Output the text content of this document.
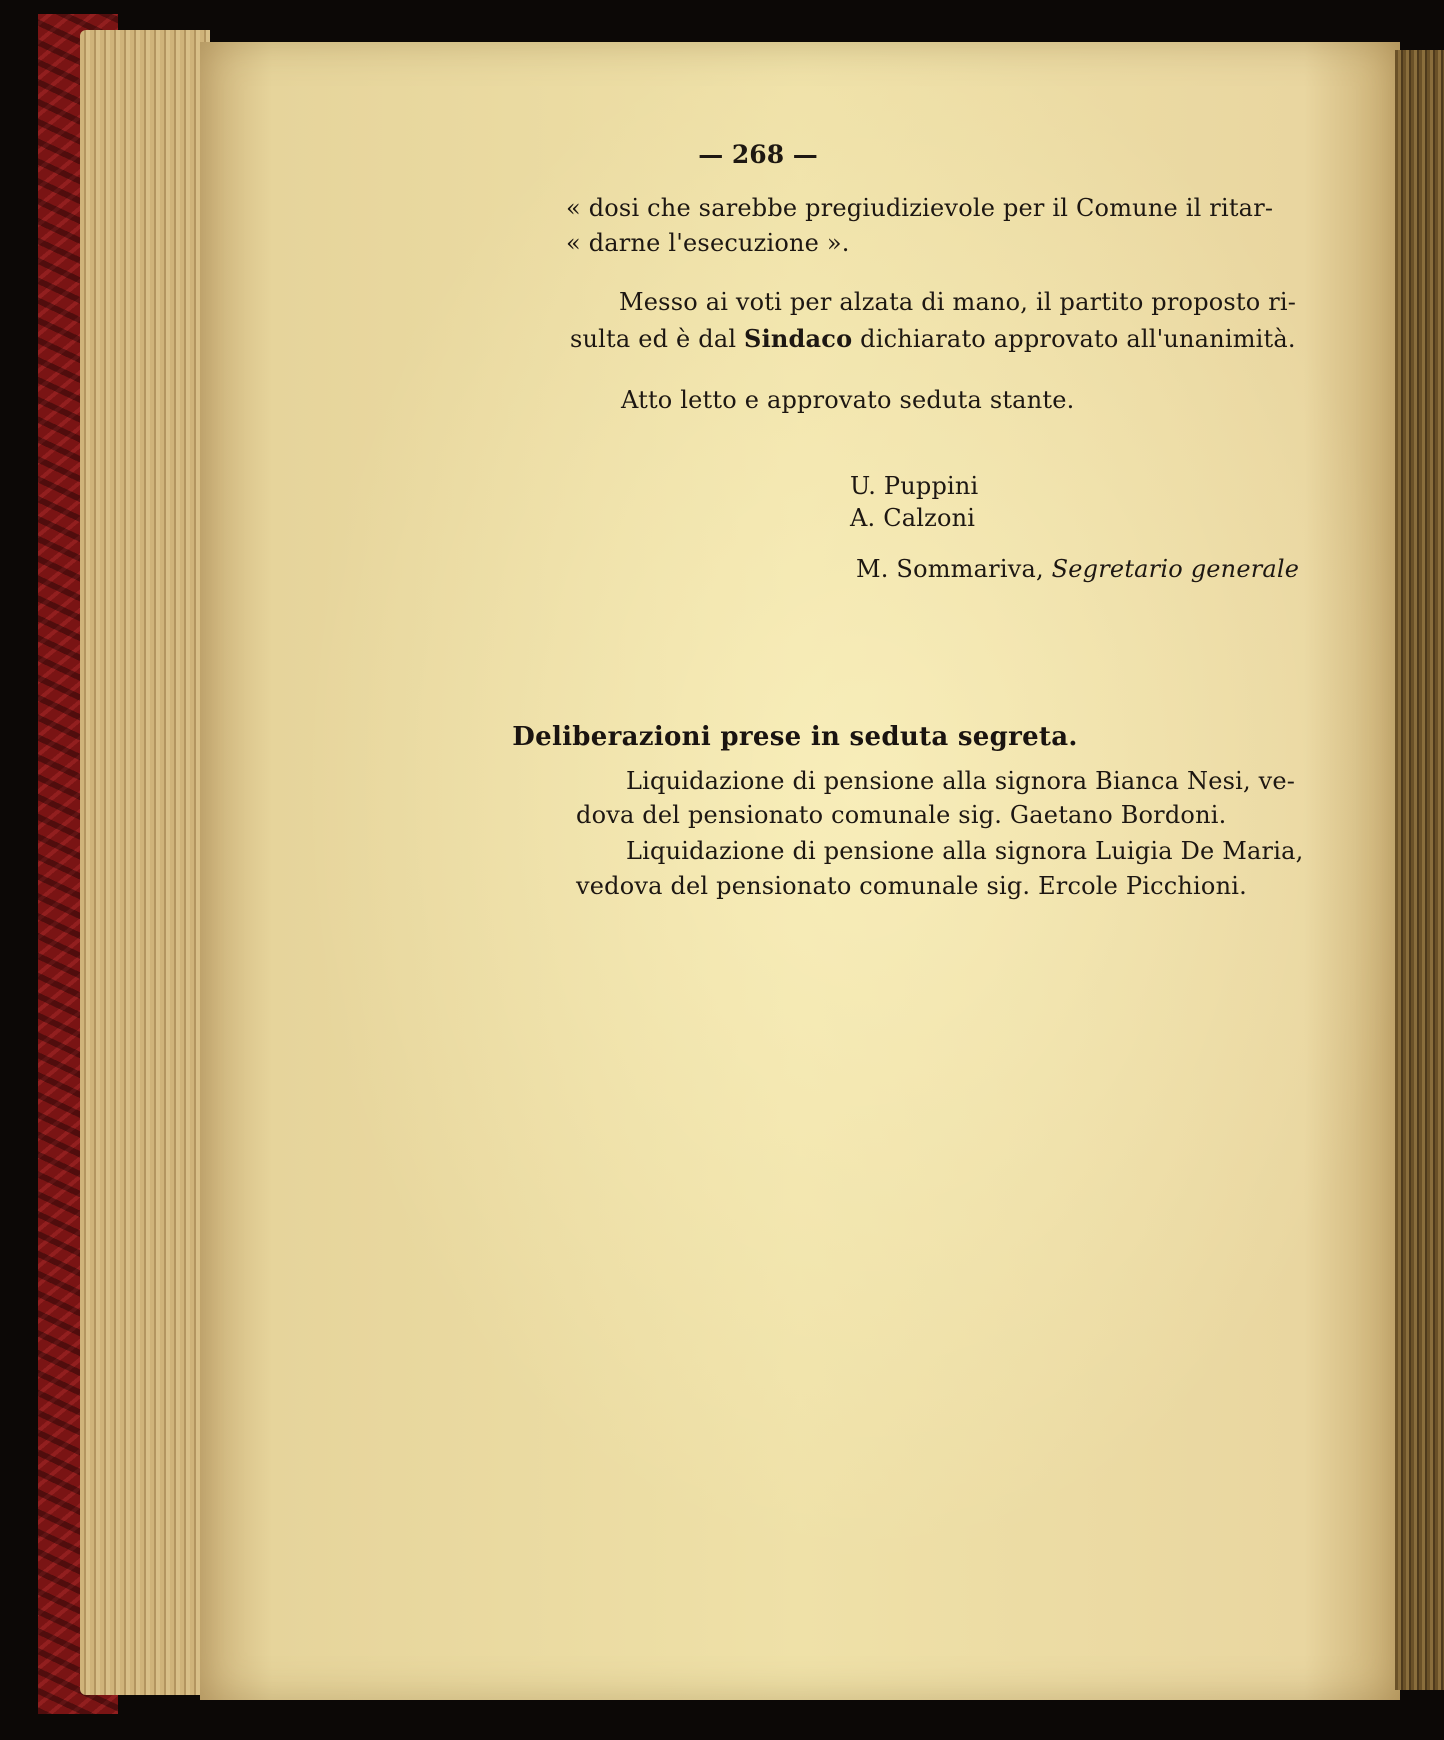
— 268 —

« dosi che sarebbe pregiudizievole per il Comune il ritar-

« darne l'esecuzione ».

Messo ai voti per alzata di mano, il partito proposto ri-

sulta ed è dal Sindaco dichiarato approvato all'unanimità.

Atto letto e approvato seduta stante.

U. Puppini

A. Calzoni

M. Sommariva, Segretario generale

Deliberazioni prese in seduta segreta.

Liquidazione di pensione alla signora Bianca Nesi, ve-

dova del pensionato comunale sig. Gaetano Bordoni.

Liquidazione di pensione alla signora Luigia De Maria,

vedova del pensionato comunale sig. Ercole Picchioni.
